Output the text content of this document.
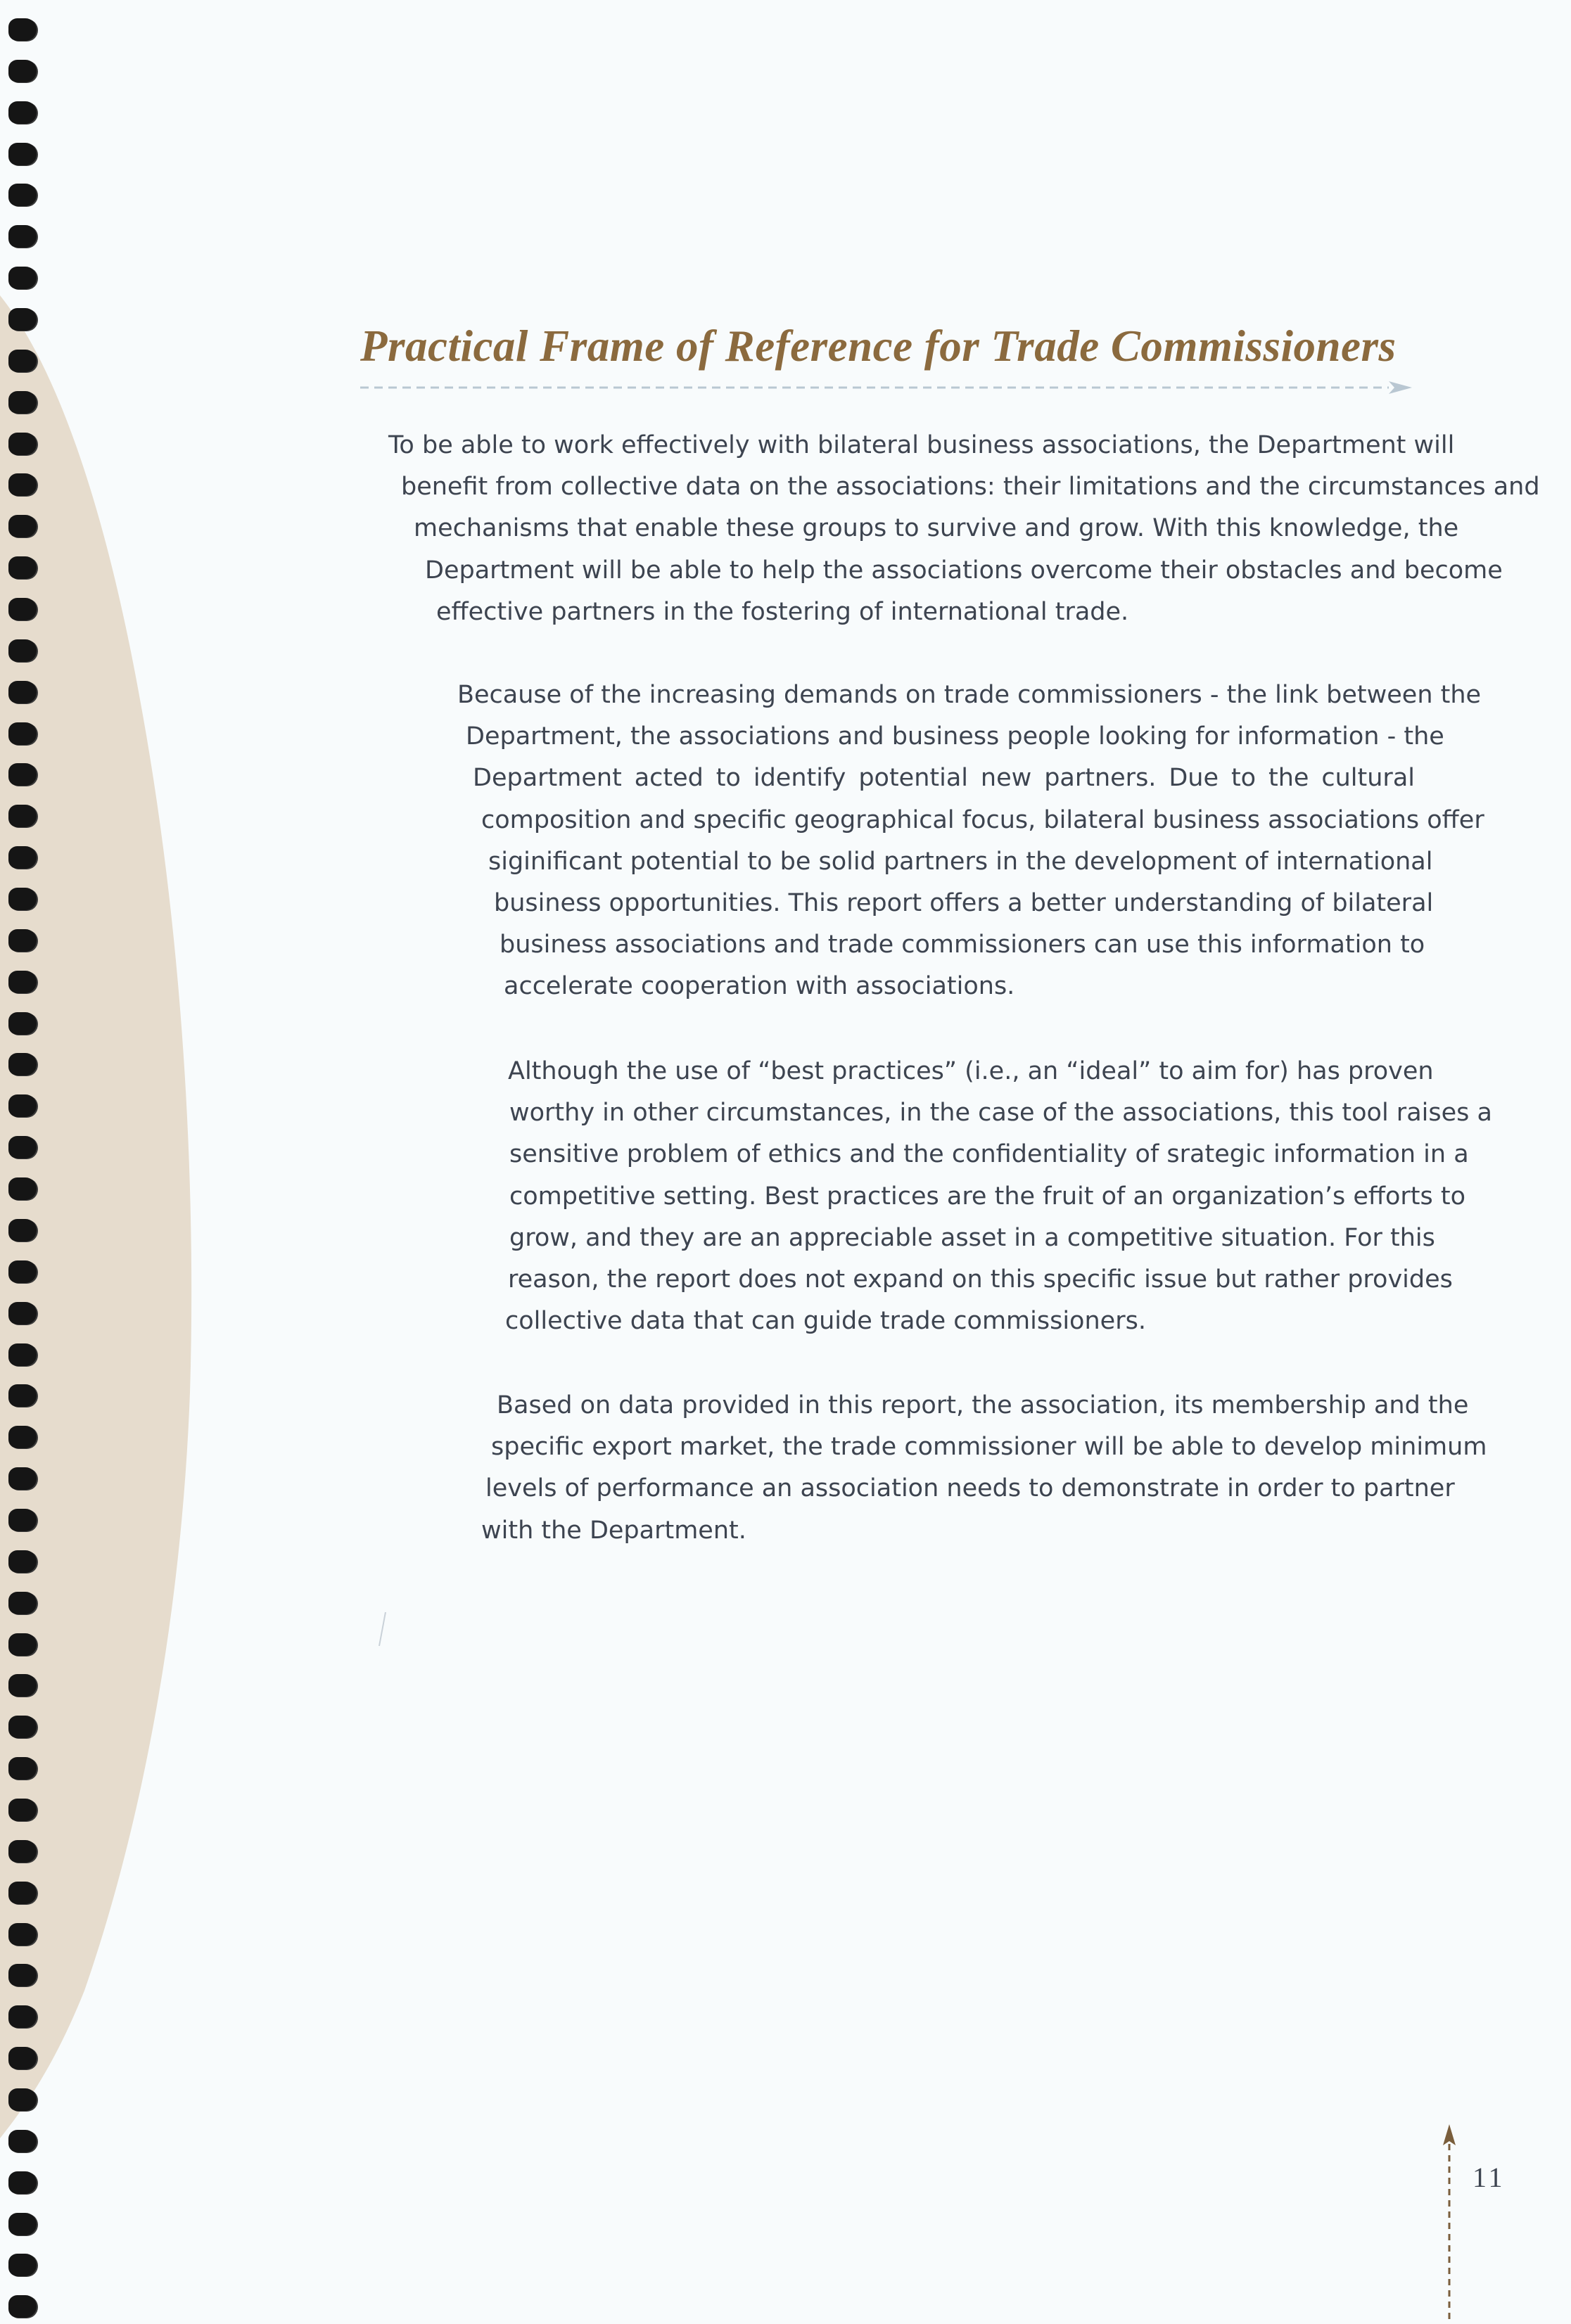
Practical Frame of Reference for Trade Commissioners

To be able to work effectively with bilateral business associations, the Department will
benefit from collective data on the associations: their limitations and the circumstances and
mechanisms that enable these groups to survive and grow. With this knowledge, the
Department will be able to help the associations overcome their obstacles and become
effective partners in the fostering of international trade.

Because of the increasing demands on trade commissioners - the link between the
Department, the associations and business people looking for information - the
Department acted to identify potential new partners. Due to the cultural
composition and specific geographical focus, bilateral business associations offer
siginificant potential to be solid partners in the development of international
business opportunities. This report offers a better understanding of bilateral
business associations and trade commissioners can use this information to
accelerate cooperation with associations.

Although the use of “best practices” (i.e., an “ideal” to aim for) has proven
worthy in other circumstances, in the case of the associations, this tool raises a
sensitive problem of ethics and the confidentiality of srategic information in a
competitive setting. Best practices are the fruit of an organization’s efforts to
grow, and they are an appreciable asset in a competitive situation. For this
reason, the report does not expand on this specific issue but rather provides
collective data that can guide trade commissioners.

Based on data provided in this report, the association, its membership and the
specific export market, the trade commissioner will be able to develop minimum
levels of performance an association needs to demonstrate in order to partner
with the Department.

11
